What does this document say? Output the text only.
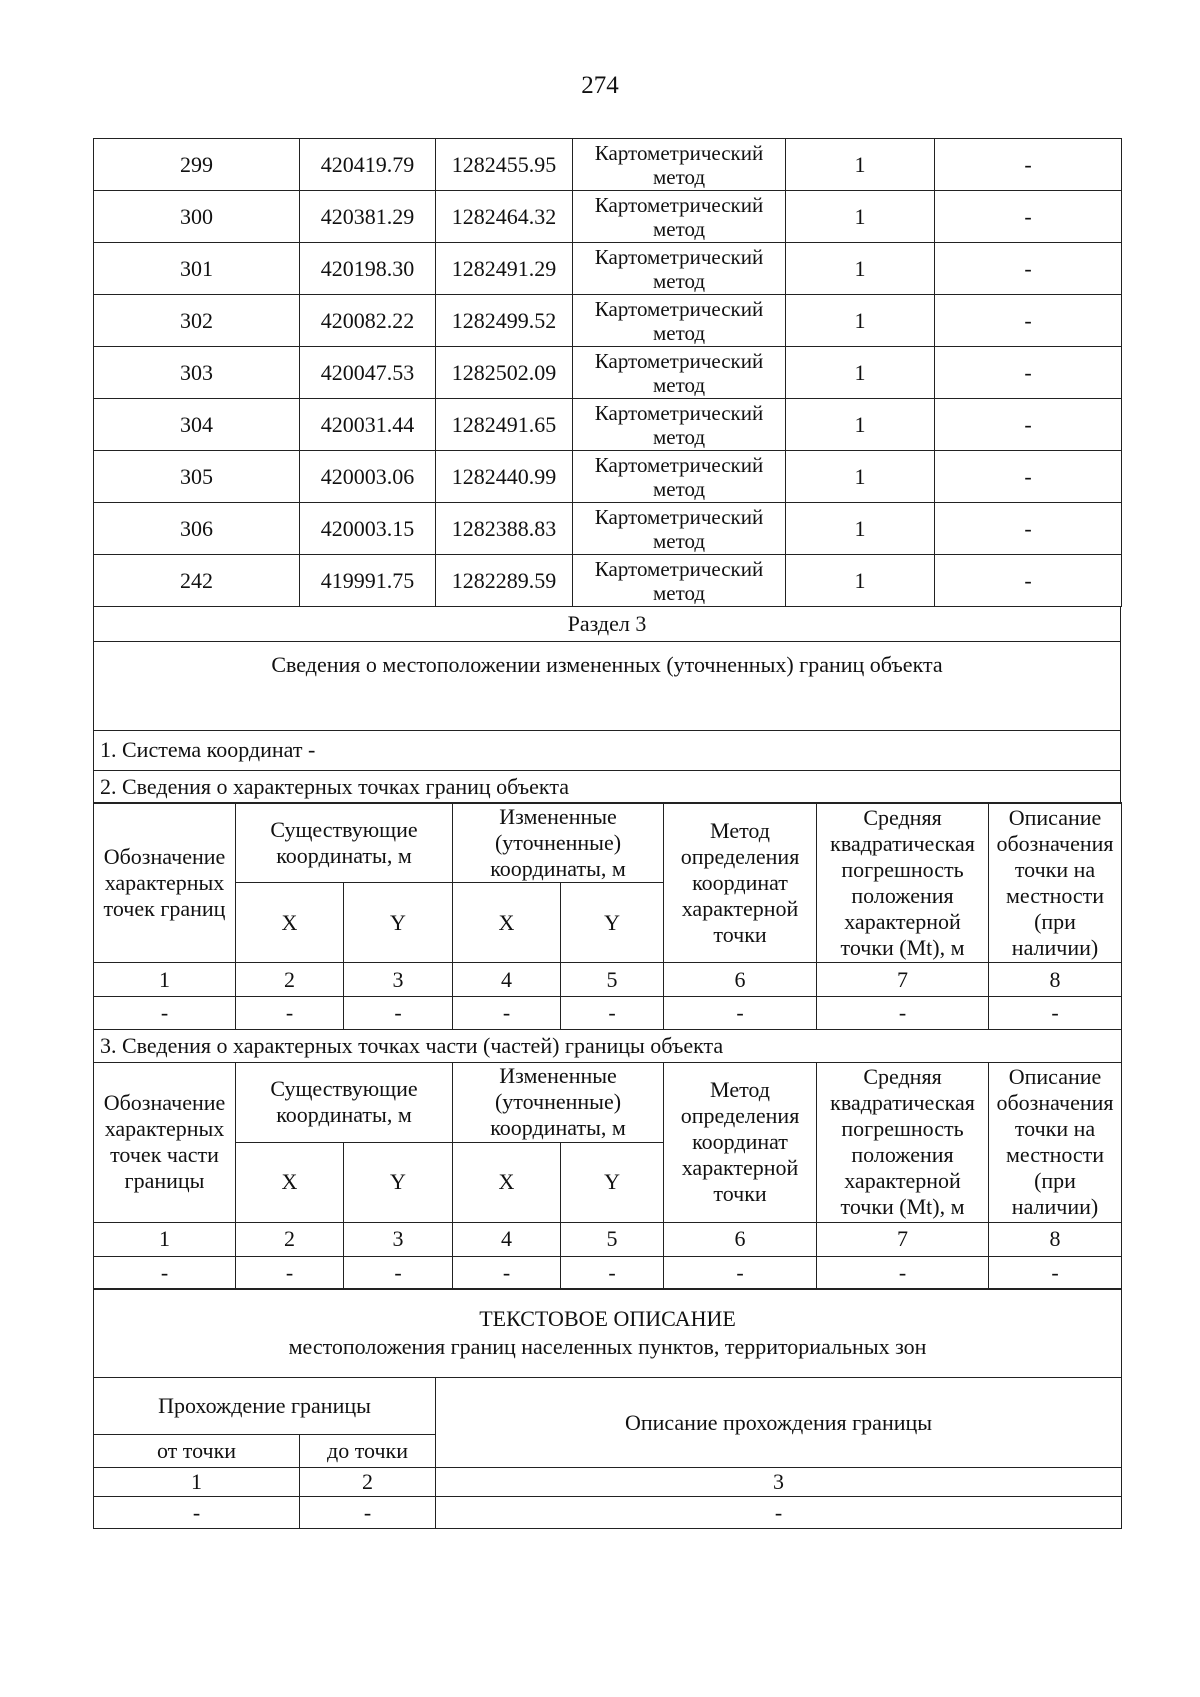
274
299	420419.79	1282455.95	Картометрический метод	1	-
300	420381.29	1282464.32	Картометрический метод	1	-
301	420198.30	1282491.29	Картометрический метод	1	-
302	420082.22	1282499.52	Картометрический метод	1	-
303	420047.53	1282502.09	Картометрический метод	1	-
304	420031.44	1282491.65	Картометрический метод	1	-
305	420003.06	1282440.99	Картометрический метод	1	-
306	420003.15	1282388.83	Картометрический метод	1	-
242	419991.75	1282289.59	Картометрический метод	1	-
Раздел 3
Сведения о местоположении измененных (уточненных) границ объекта
1. Система координат -
2. Сведения о характерных точках границ объекта
Обозначение характерных точек границ	Существующие координаты, м		Измененные (уточненные) координаты, м		Метод определения координат характерной точки	Средняя квадратическая погрешность положения характерной точки (Mt), м	Описание обозначения точки на местности (при наличии)
	X	Y	X	Y			
1	2	3	4	5	6	7	8
-	-	-	-	-	-	-	-
3. Сведения о характерных точках части (частей) границы объекта							
Обозначение характерных точек части границы	Существующие координаты, м		Измененные (уточненные) координаты, м		Метод определения координат характерной точки	Средняя квадратическая погрешность положения характерной точки (Mt), м	Описание обозначения точки на местности (при наличии)
	X	Y	X	Y			
1	2	3	4	5	6	7	8
-	-	-	-	-	-	-	-
ТЕКСТОВОЕ ОПИСАНИЕ
местоположения границ населенных пунктов, территориальных зон		

Прохождение границы		Описание прохождения границы
от точки	до точки	
1	2	3
-	-	-
